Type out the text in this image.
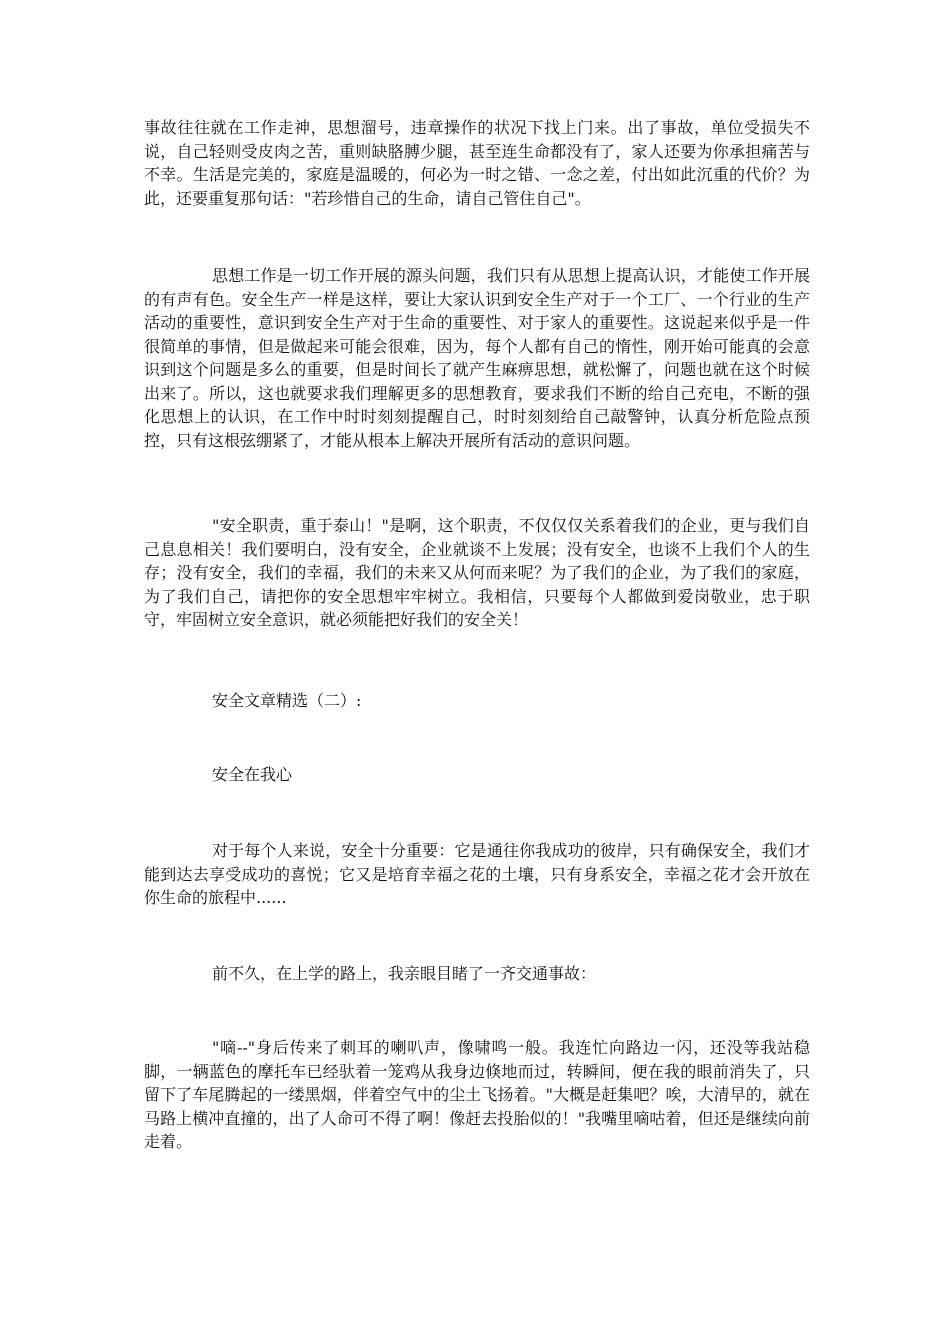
事故往往就在工作走神，思想溜号，违章操作的状况下找上门来。出了事故，单位受损失不说，自己轻则受皮肉之苦，重则缺胳膊少腿，甚至连生命都没有了，家人还要为你承担痛苦与不幸。生活是完美的，家庭是温暖的，何必为一时之错、一念之差，付出如此沉重的代价？为此，还要重复那句话："若珍惜自己的生命，请自己管住自己"。

思想工作是一切工作开展的源头问题，我们只有从思想上提高认识，才能使工作开展的有声有色。安全生产一样是这样，要让大家认识到安全生产对于一个工厂、一个行业的生产活动的重要性，意识到安全生产对于生命的重要性、对于家人的重要性。这说起来似乎是一件很简单的事情，但是做起来可能会很难，因为，每个人都有自己的惰性，刚开始可能真的会意识到这个问题是多么的重要，但是时间长了就产生麻痹思想，就松懈了，问题也就在这个时候出来了。所以，这也就要求我们理解更多的思想教育，要求我们不断的给自己充电，不断的强化思想上的认识，在工作中时时刻刻提醒自己，时时刻刻给自己敲警钟，认真分析危险点预控，只有这根弦绷紧了，才能从根本上解决开展所有活动的意识问题。

"安全职责，重于泰山！"是啊，这个职责，不仅仅仅关系着我们的企业，更与我们自己息息相关！我们要明白，没有安全，企业就谈不上发展；没有安全，也谈不上我们个人的生存；没有安全，我们的幸福，我们的未来又从何而来呢？为了我们的企业，为了我们的家庭，为了我们自己，请把你的安全思想牢牢树立。我相信，只要每个人都做到爱岗敬业，忠于职守，牢固树立安全意识，就必须能把好我们的安全关！

安全文章精选（二）:

安全在我心

对于每个人来说，安全十分重要：它是通往你我成功的彼岸，只有确保安全，我们才能到达去享受成功的喜悦；它又是培育幸福之花的土壤，只有身系安全，幸福之花才会开放在你生命的旅程中......

前不久，在上学的路上，我亲眼目睹了一齐交通事故：

"嘀--"身后传来了刺耳的喇叭声，像啸鸣一般。我连忙向路边一闪，还没等我站稳脚，一辆蓝色的摩托车已经驮着一笼鸡从我身边倏地而过，转瞬间，便在我的眼前消失了，只留下了车尾腾起的一缕黑烟，伴着空气中的尘土飞扬着。"大概是赶集吧？唉，大清早的，就在马路上横冲直撞的，出了人命可不得了啊！像赶去投胎似的！"我嘴里嘀咕着，但还是继续向前走着。
